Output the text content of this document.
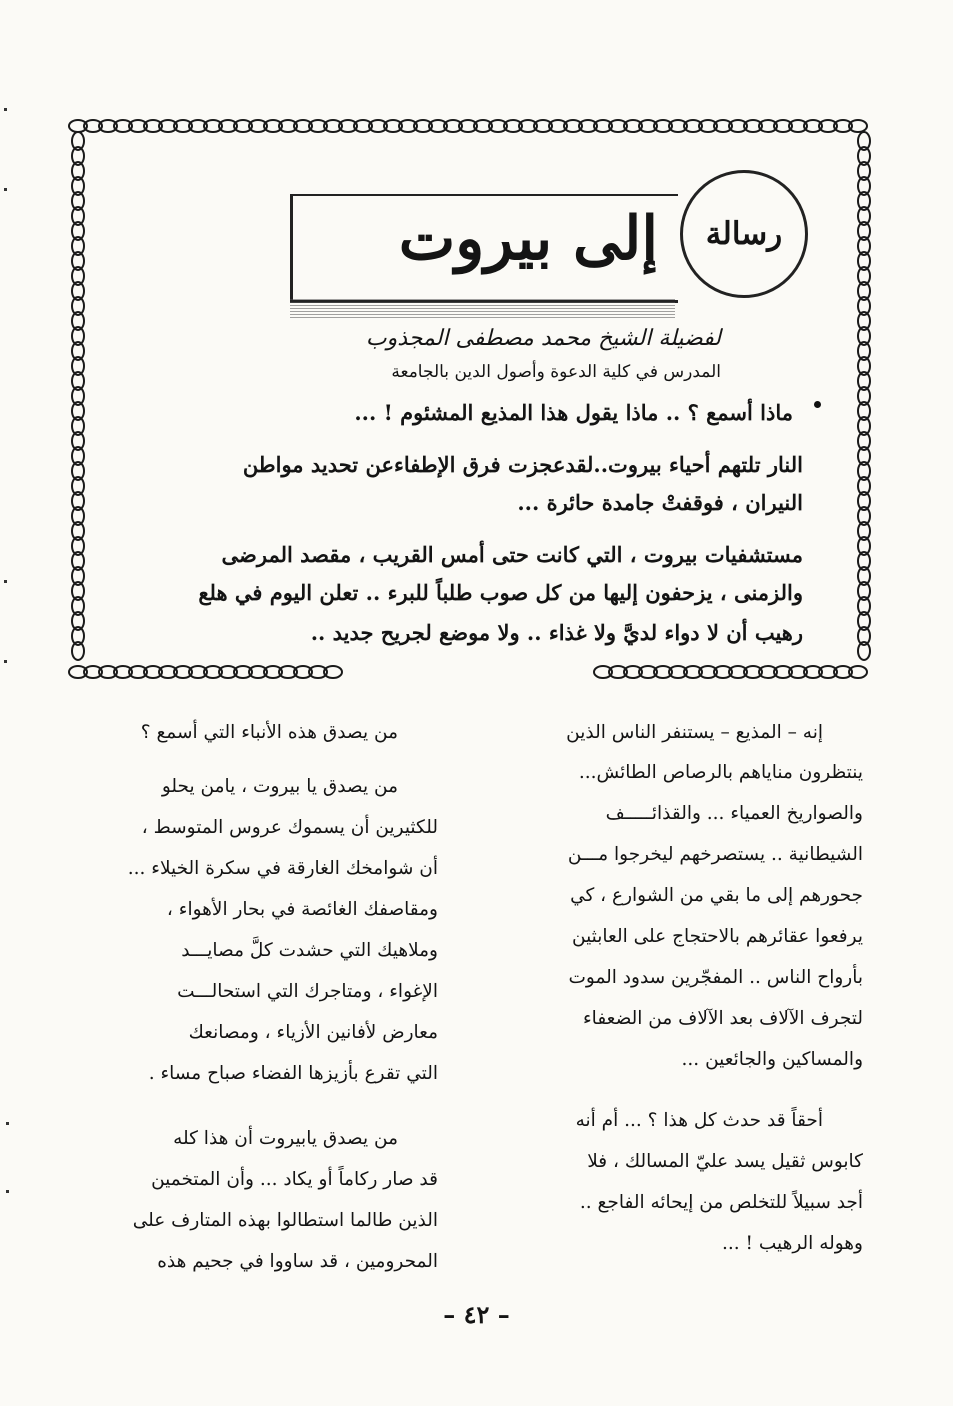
رسالة
إلى بيروت
لفضيلة الشيخ محمد مصطفى المجذوب
المدرس في كلية الدعوة وأصول الدين بالجامعة
ماذا أسمع ؟ .. ماذا يقول هذا المذيع المشئوم ! ...
النار تلتهم أحياء بيروت..لقدعجزت فرق الإطفاءعن تحديد مواطن
النيران ، فوقفتْ جامدة حائرة ...
مستشفيات بيروت ، التي كانت حتى أمس القريب ، مقصد المرضى
والزمنى ، يزحفون إليها من كل صوب طلباً للبرء .. تعلن اليوم في هلع
رهيب أن لا دواء لديَّ ولا غذاء .. ولا موضع لجريح جديد ..
إنه – المذيع – يستنفر الناس الذين
ينتظرون مناياهم بالرصاص الطائش...
والصواريخ العمياء ... والقذائـــــف
الشيطانية .. يستصرخهم ليخرجوا مـــن
جحورهم إلى ما بقي من الشوارع ، كي
يرفعوا عقائرهم بالاحتجاج على العابثين
بأرواح الناس .. المفجّرين سدود الموت
لتجرف الآلاف بعد الآلاف من الضعفاء
والمساكين والجائعين ...
أحقاً قد حدث كل هذا ؟ ... أم أنه
كابوس ثقيل يسد عليّ المسالك ، فلا
أجد سبيلاً للتخلص من إيحائه الفاجع ..
وهوله الرهيب ! ...
من يصدق هذه الأنباء التي أسمع ؟
من يصدق يا بيروت ، يامن يحلو
للكثيرين أن يسموك عروس المتوسط ،
أن شوامخك الغارقة في سكرة الخيلاء ...
ومقاصفك الغائصة في بحار الأهواء ،
وملاهيك التي حشدت كلَّ مصايـــد
الإغواء ، ومتاجرك التي استحالـــت
معارض لأفانين الأزياء ، ومصانعك
التي تقرع بأزيزها الفضاء صباح مساء .
من يصدق يابيروت أن هذا كله
قد صار ركاماً أو يكاد ... وأن المتخمين
الذين طالما استطالوا بهذه المتارف على
المحرومين ، قد ساووا في جحيم هذه
– ٤٢ –
